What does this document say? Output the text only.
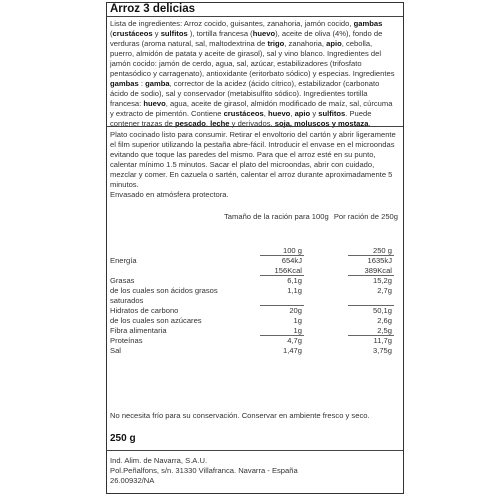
Arroz 3 delicias
Lista de ingredientes: Arroz cocido, guisantes, zanahoria, jamón cocido, gambas (crustáceos y sulfitos ), tortilla francesa (huevo), aceite de oliva (4%), fondo de verduras (aroma natural, sal, maltodextrina de trigo, zanahoria, apio, cebolla, puerro, almidón de patata y aceite de girasol), sal y vino blanco. Ingredientes del jamón cocido: jamón de cerdo, agua, sal, azúcar, estabilizadores (trifosfato pentasódico y carragenato), antioxidante (eritorbato sódico) y especias. Ingredientes gambas : gamba, corrector de la acidez (ácido cítrico), estabilizador (carbonato ácido de sodio), sal y conservador (metabisulfito sódico). Ingredientes tortilla francesa: huevo, agua, aceite de girasol, almidón modificado de maíz, sal, cúrcuma y extracto de pimentón. Contiene crustáceos, huevo, apio y sulfitos. Puede contener trazas de pescado, leche y derivados, soja, moluscos y mostaza.
Plato cocinado listo para consumir. Retirar el envoltorio del cartón y abrir ligeramente el film superior utilizando la pestaña abre-fácil. Introducir el envase en el microondas evitando que toque las paredes del mismo. Para que el arroz esté en su punto, calentar mínimo 1.5 minutos. Sacar el plato del microondas, abrir con cuidado, mezclar y comer. En cazuela o sartén, calentar el arroz durante aproximadamente 5 minutos.
Envasado en atmósfera protectora.
Tamaño de la ración para 100g Por ración de 250g
100 g	250 g
Energía	654kJ	1635kJ
156Kcal	389Kcal
Grasas	6,1g	15,2g
de los cuales son ácidos grasos saturados
1,1g	2,7g
Hidratos de carbono	20g	50,1g
de los cuales son azúcares	1g	2,6g
Fibra alimentaria	1g	2,5g
Proteínas	4,7g	11,7g
Sal	1,47g	3,75g
No necesita frío para su conservación. Conservar en ambiente fresco y seco.
250 g
Ind. Alim. de Navarra, S.A.U.
Pol.Peñalfons, s/n. 31330 Villafranca. Navarra - España
26.00932/NA
